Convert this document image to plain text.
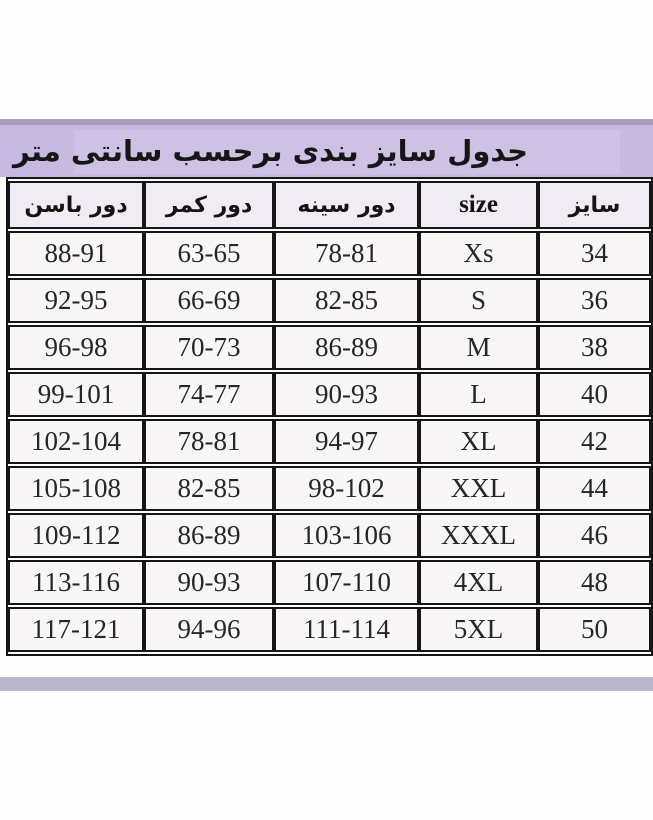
جدول سایز بندی برحسب سانتی متر
دور باسن	دور کمر	دور سینه	size	سایز
88-91	63-65	78-81	Xs	34
92-95	66-69	82-85	S	36
96-98	70-73	86-89	M	38
99-101	74-77	90-93	L	40
102-104	78-81	94-97	XL	42
105-108	82-85	98-102	XXL	44
109-112	86-89	103-106	XXXL	46
113-116	90-93	107-110	4XL	48
117-121	94-96	111-114	5XL	50
